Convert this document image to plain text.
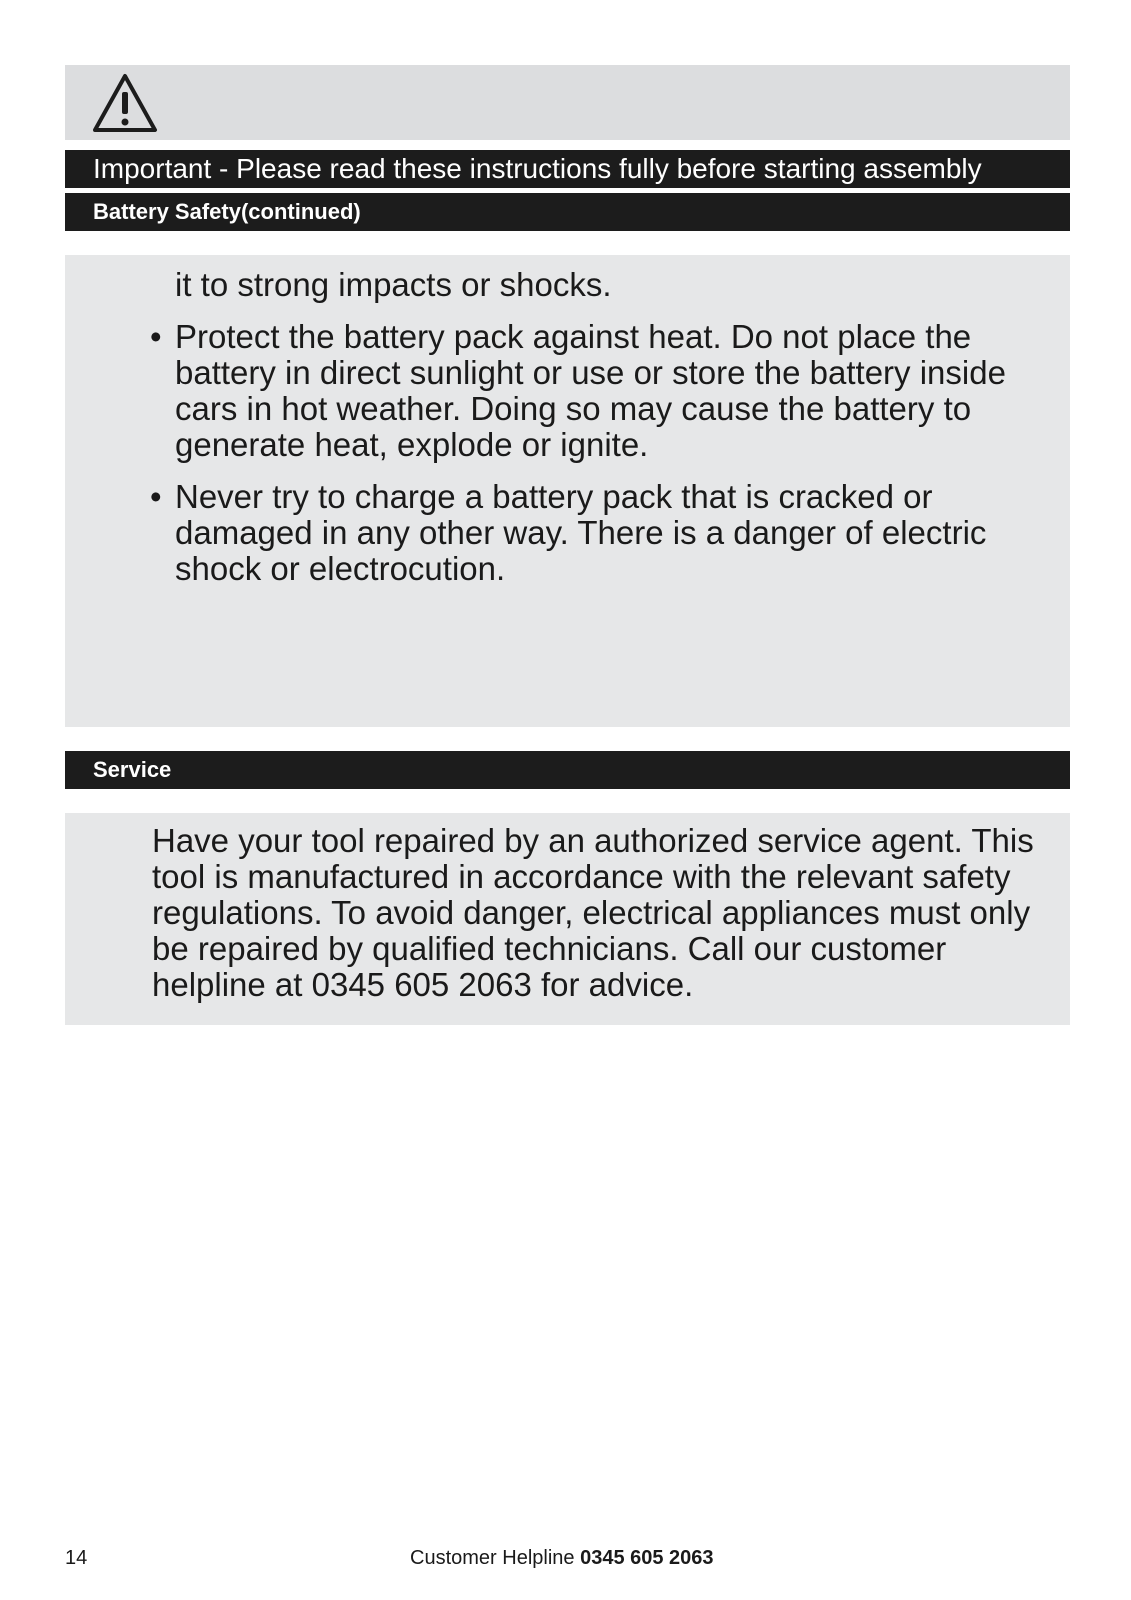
Important - Please read these instructions fully before starting assembly
Battery Safety(continued)

it to strong impacts or shocks.

• Protect the battery pack against heat. Do not place the battery in direct sunlight or use or store the battery inside cars in hot weather. Doing so may cause the battery to generate heat, explode or ignite.
• Never try to charge a battery pack that is cracked or damaged in any other way. There is a danger of electric shock or electrocution.
Service

Have your tool repaired by an authorized service agent. This tool is manufactured in accordance with the relevant safety regulations. To avoid danger, electrical appliances must only be repaired by qualified technicians. Call our customer helpline at 0345 605 2063 for advice.

14	Customer Helpline 0345 605 2063
